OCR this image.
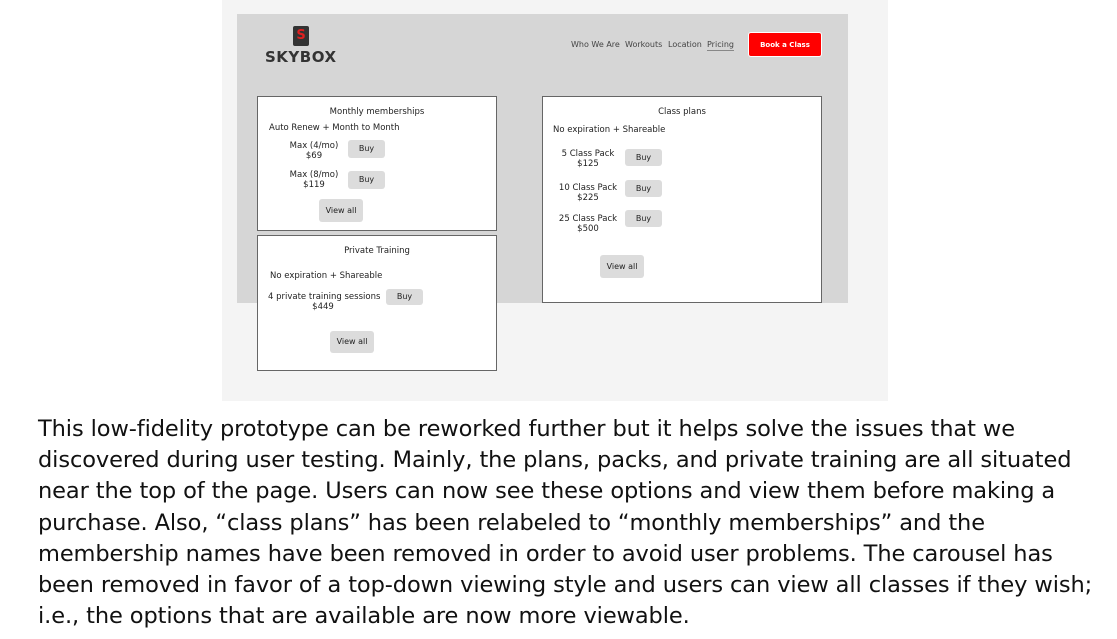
S
SKYBOX
Who We Are Workouts Location Pricing	Book a Class
Monthly memberships
Auto Renew + Month to Month
Max (4/mo)
$69
Buy
Max (8/mo)
$119
Buy
View all
Private Training
No expiration + Shareable
4 private training sessions
$449
Buy
View all
Class plans
No expiration + Shareable
5 Class Pack
$125
Buy
10 Class Pack
$225
Buy
25 Class Pack
$500
Buy
View all

This low-fidelity prototype can be reworked further but it helps solve the issues that we discovered during user testing. Mainly, the plans, packs, and private training are all situated near the top of the page. Users can now see these options and view them before making a purchase. Also, “class plans” has been relabeled to “monthly memberships” and the membership names have been removed in order to avoid user problems. The carousel has been removed in favor of a top-down viewing style and users can view all classes if they wish; i.e., the options that are available are now more viewable.
